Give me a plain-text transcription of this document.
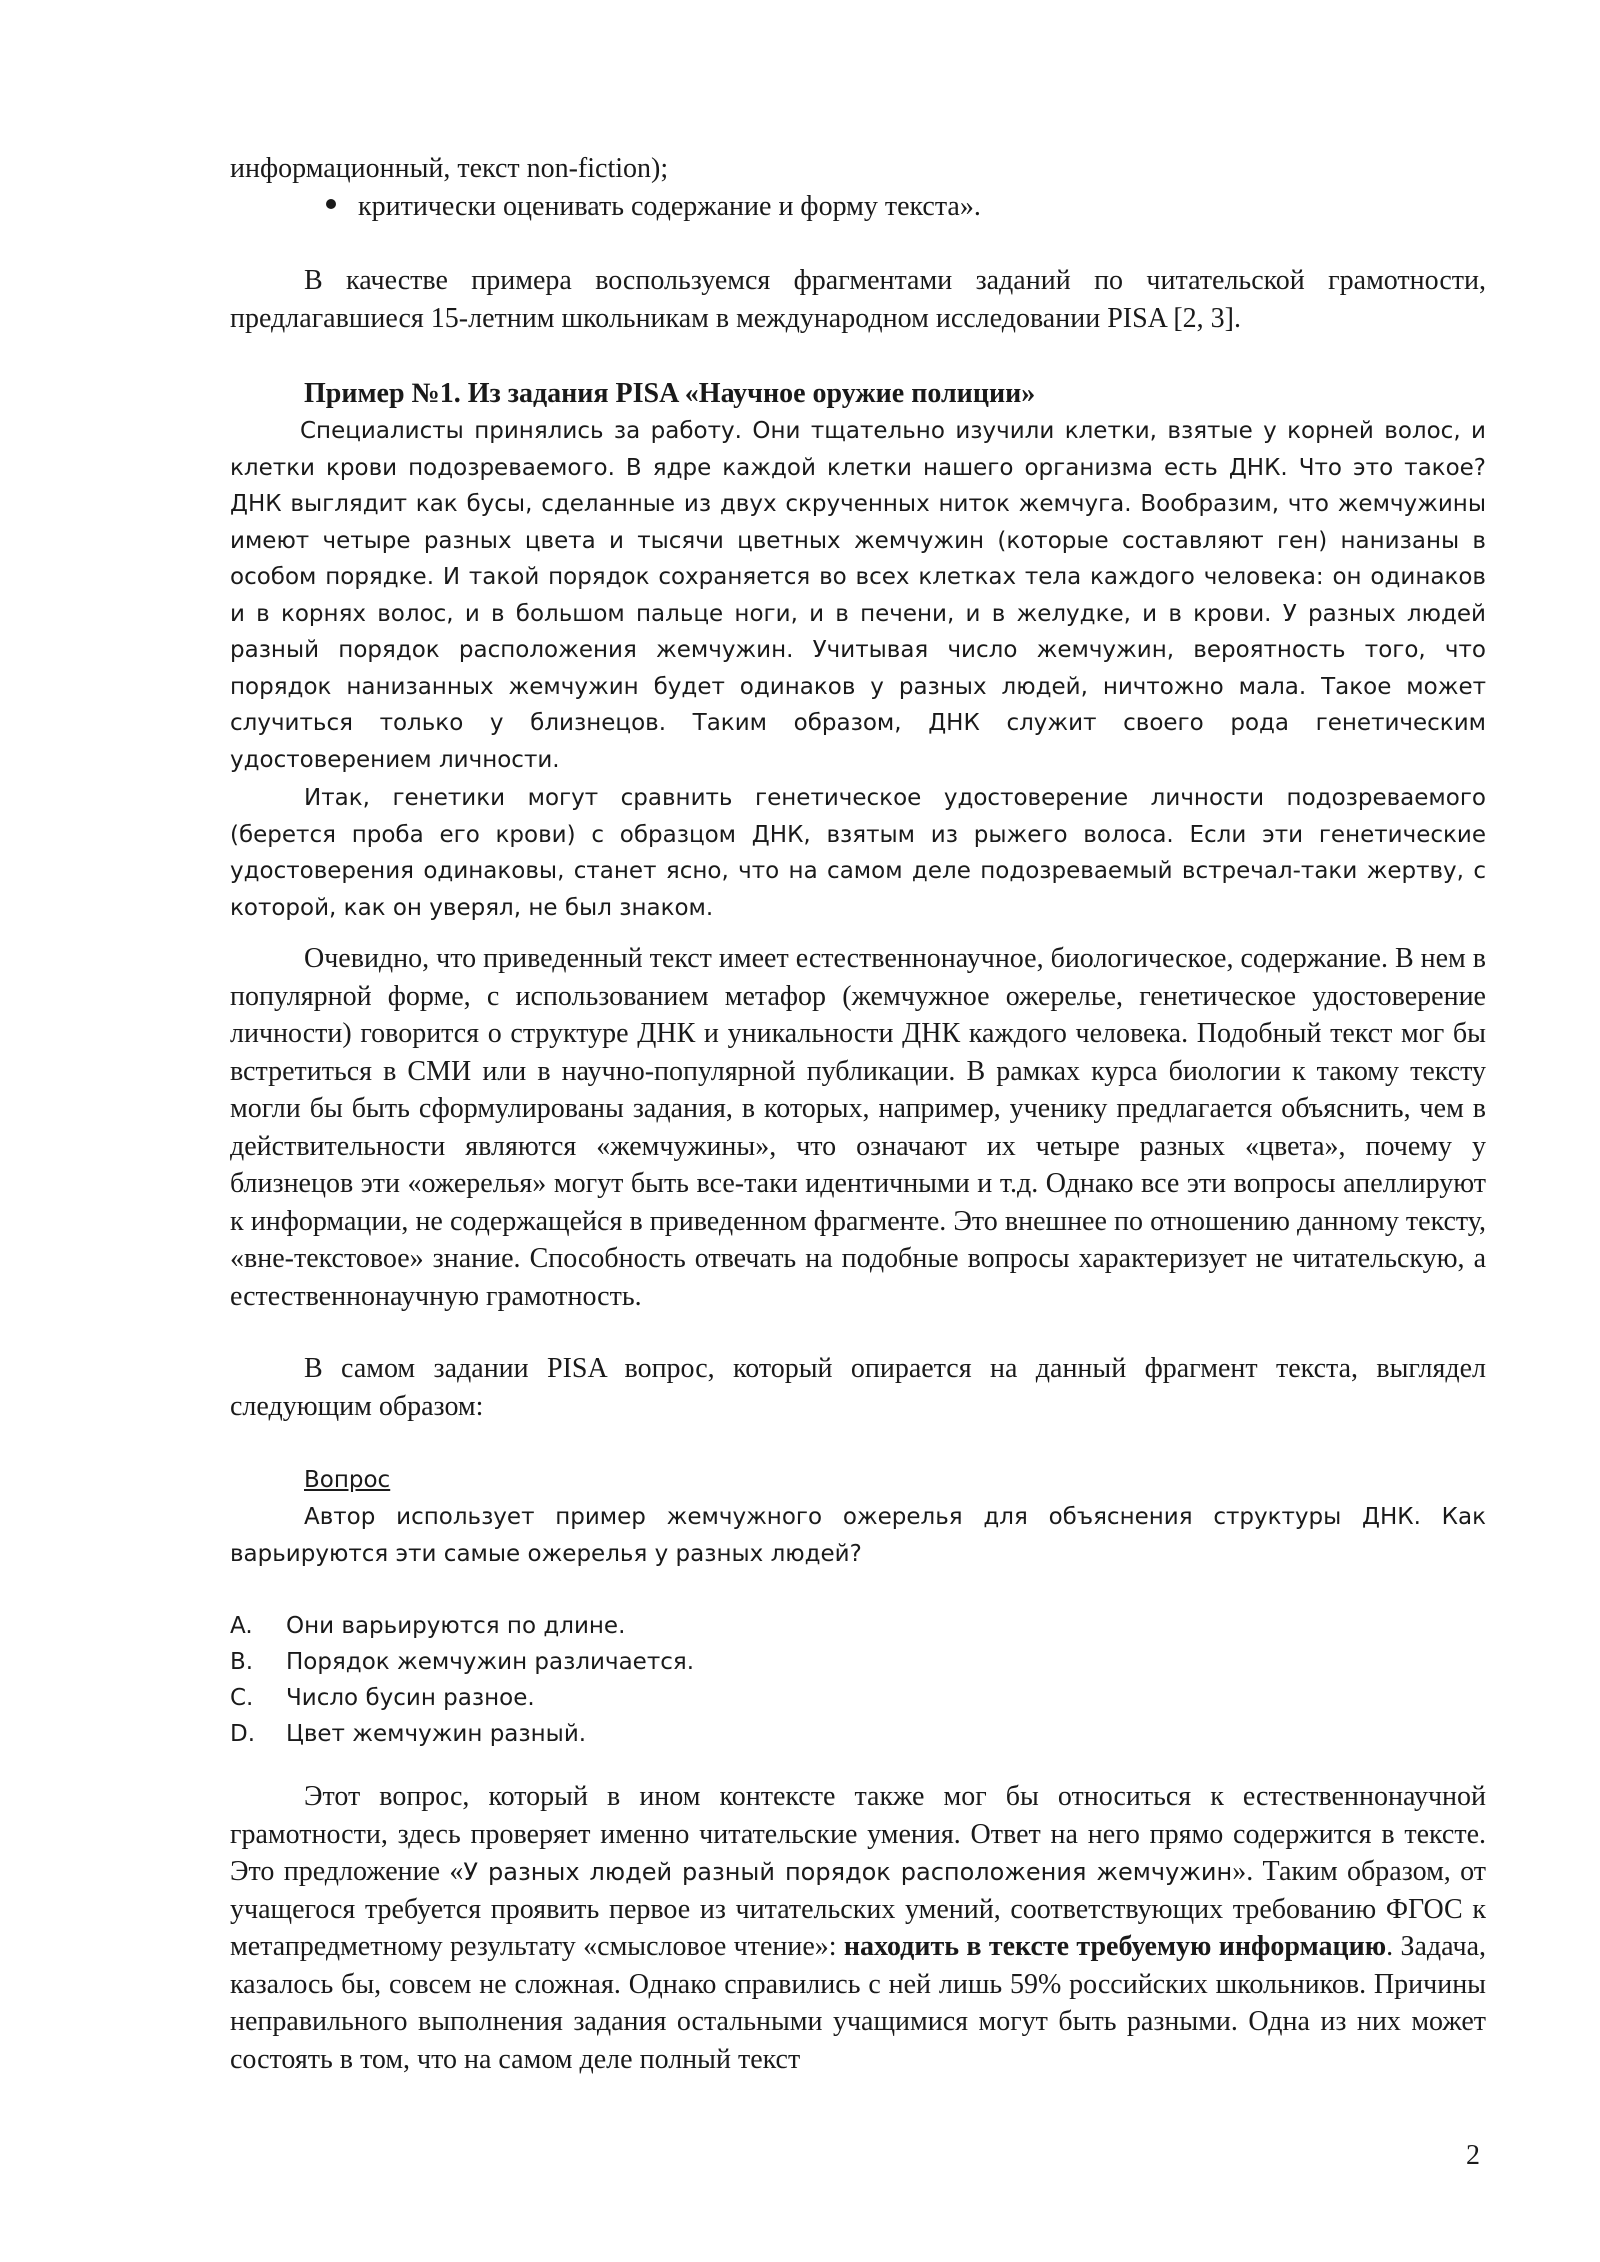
информационный, текст non-fiction);
критически оценивать содержание и форму текста».

В качестве примера воспользуемся фрагментами заданий по читательской грамотности, предлагавшиеся 15-летним школьникам в международном исследовании PISA [2, 3].

Пример №1. Из задания PISA «Научное оружие полиции»

Специалисты принялись за работу. Они тщательно изучили клетки, взятые у корней волос, и клетки крови подозреваемого. В ядре каждой клетки нашего организма есть ДНК. Что это такое? ДНК выглядит как бусы, сделанные из двух скрученных ниток жемчуга. Вообразим, что жемчужины имеют четыре разных цвета и тысячи цветных жемчужин (которые составляют ген) нанизаны в особом порядке. И такой порядок сохраняется во всех клетках тела каждого человека: он одинаков и в корнях волос, и в большом пальце ноги, и в печени, и в желудке, и в крови. У разных людей разный порядок расположения жемчужин. Учитывая число жемчужин, вероятность того, что порядок нанизанных жемчужин будет одинаков у разных людей, ничтожно мала. Такое может случиться только у близнецов. Таким образом, ДНК служит своего рода генетическим удостоверением личности.

Итак, генетики могут сравнить генетическое удостоверение личности подозреваемого (берется проба его крови) с образцом ДНК, взятым из рыжего волоса. Если эти генетические удостоверения одинаковы, станет ясно, что на самом деле подозреваемый встречал-таки жертву, с которой, как он уверял, не был знаком.

Очевидно, что приведенный текст имеет естественнонаучное, биологическое, содержание. В нем в популярной форме, с использованием метафор (жемчужное ожерелье, генетическое удостоверение личности) говорится о структуре ДНК и уникальности ДНК каждого человека. Подобный текст мог бы встретиться в СМИ или в научно-популярной публикации. В рамках курса биологии к такому тексту могли бы быть сформулированы задания, в которых, например, ученику предлагается объяснить, чем в действительности являются «жемчужины», что означают их четыре разных «цвета», почему у близнецов эти «ожерелья» могут быть все-таки идентичными и т.д. Однако все эти вопросы апеллируют к информации, не содержащейся в приведенном фрагменте. Это внешнее по отношению данному тексту, «вне-текстовое» знание. Способность отвечать на подобные вопросы характеризует не читательскую, а естественнонаучную грамотность.

В самом задании PISA вопрос, который опирается на данный фрагмент текста, выглядел следующим образом:

Вопрос

Автор использует пример жемчужного ожерелья для объяснения структуры ДНК. Как варьируются эти самые ожерелья у разных людей?

A. Они варьируются по длине.
B. Порядок жемчужин различается.
C. Число бусин разное.
D. Цвет жемчужин разный.

Этот вопрос, который в ином контексте также мог бы относиться к естественнонаучной грамотности, здесь проверяет именно читательские умения. Ответ на него прямо содержится в тексте. Это предложение «У разных людей разный порядок расположения жемчужин». Таким образом, от учащегося требуется проявить первое из читательских умений, соответствующих требованию ФГОС к метапредметному результату «смысловое чтение»: находить в тексте требуемую информацию. Задача, казалось бы, совсем не сложная. Однако справились с ней лишь 59% российских школьников. Причины неправильного выполнения задания остальными учащимися могут быть разными. Одна из них может состоять в том, что на самом деле полный текст

2
